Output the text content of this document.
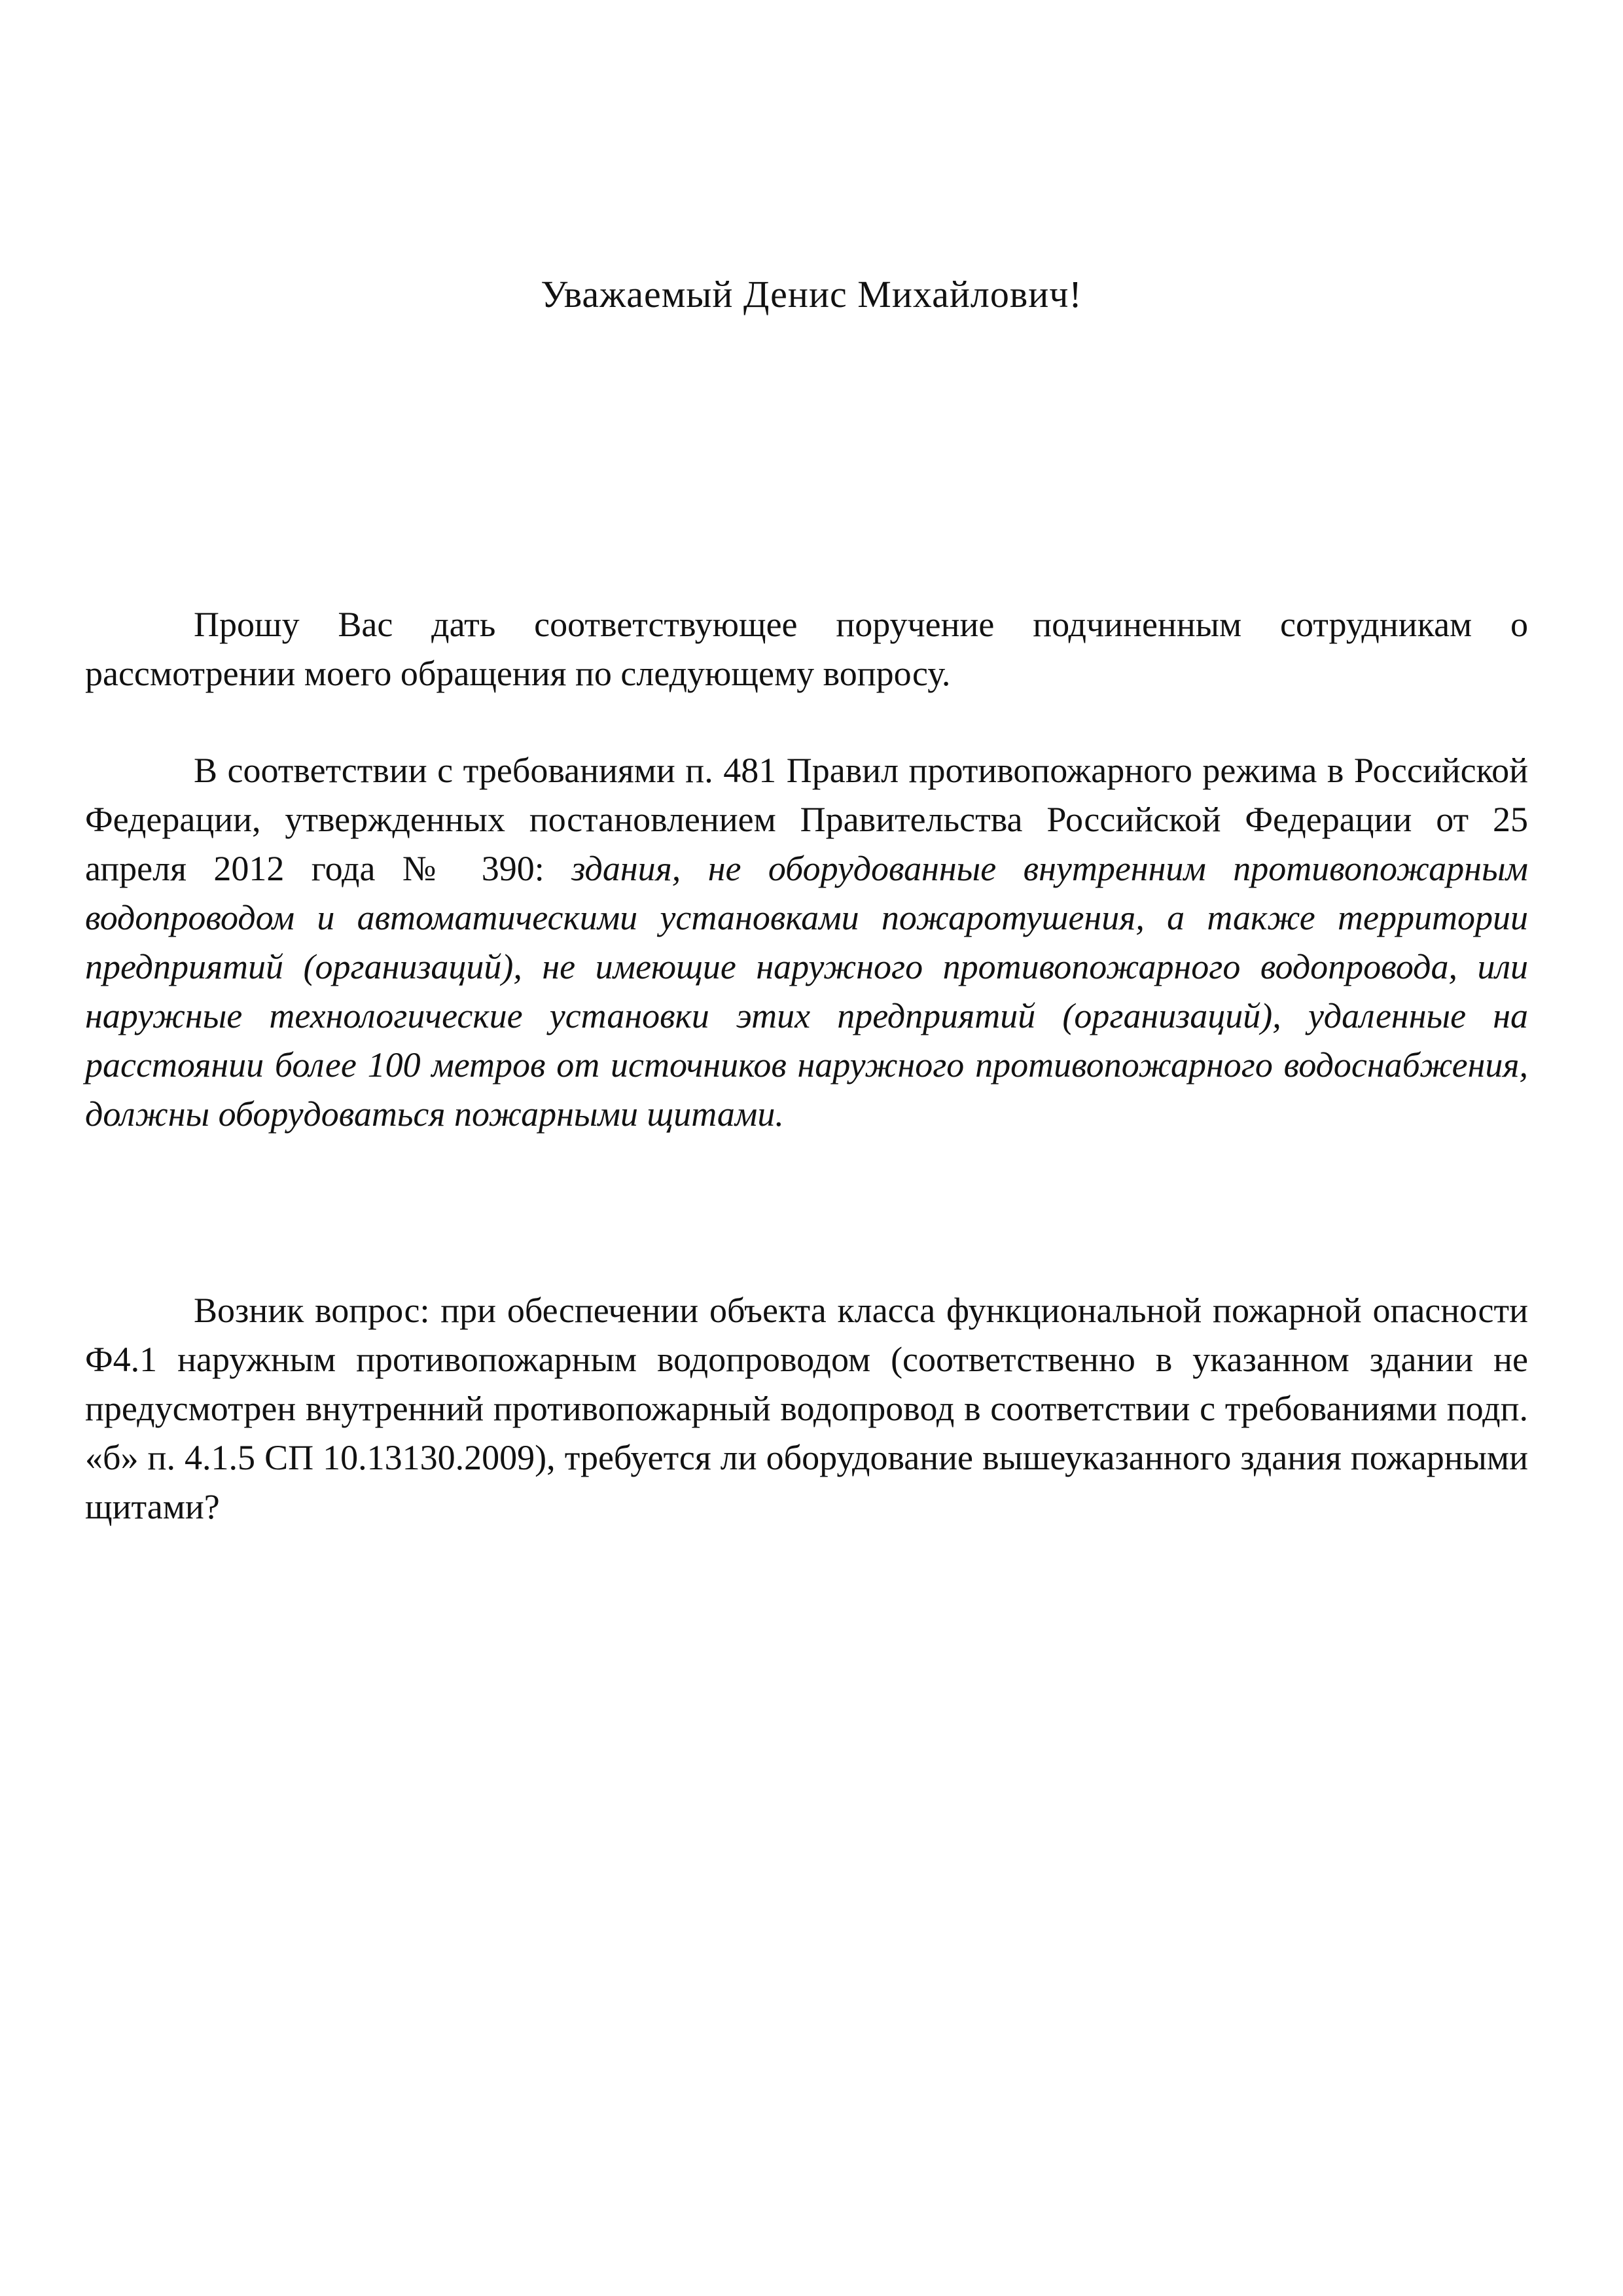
Уважаемый Денис Михайлович!

Прошу Вас дать соответствующее поручение подчиненным сотрудникам о рассмотрении моего обращения по следующему вопросу.

В соответствии с требованиями п. 481 Правил противопожарного режима в Российской Федерации, утвержденных постановлением Правительства Российской Федерации от 25 апреля 2012 года № 390: здания, не оборудованные внутренним противопожарным водопроводом и автоматическими установками пожаротушения, а также территории предприятий (организаций), не имеющие наружного противопожарного водопровода, или наружные технологические установки этих предприятий (организаций), удаленные на расстоянии более 100 метров от источников наружного противопожарного водоснабжения, должны оборудоваться пожарными щитами.

Возник вопрос: при обеспечении объекта класса функциональной пожарной опасности Ф4.1 наружным противопожарным водопроводом (соответственно в указанном здании не предусмотрен внутренний противопожарный водопровод в соответствии с требованиями подп. «б» п. 4.1.5 СП 10.13130.2009), требуется ли оборудование вышеуказанного здания пожарными щитами?
